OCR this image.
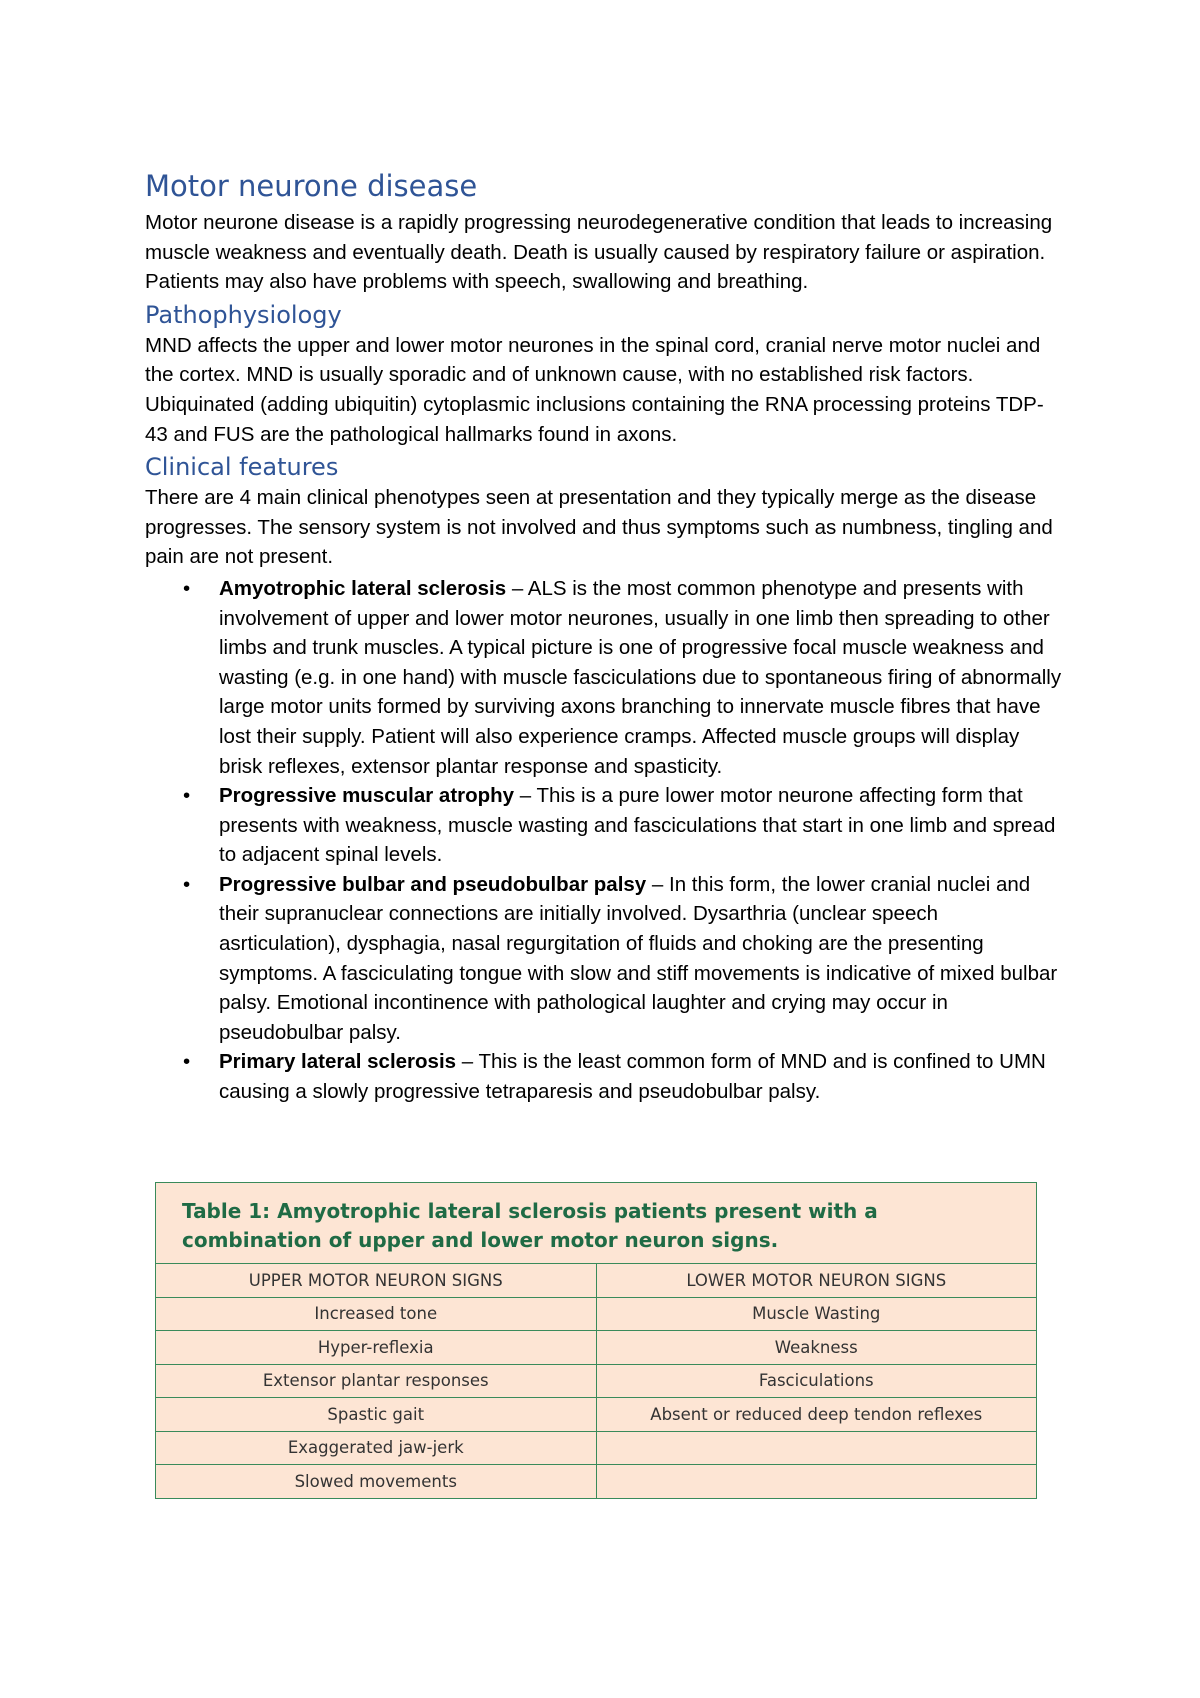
Motor neurone disease

Motor neurone disease is a rapidly progressing neurodegenerative condition that leads to increasing muscle weakness and eventually death. Death is usually caused by respiratory failure or aspiration. Patients may also have problems with speech, swallowing and breathing.

Pathophysiology

MND affects the upper and lower motor neurones in the spinal cord, cranial nerve motor nuclei and the cortex. MND is usually sporadic and of unknown cause, with no established risk factors. Ubiquinated (adding ubiquitin) cytoplasmic inclusions containing the RNA processing proteins TDP-43 and FUS are the pathological hallmarks found in axons.

Clinical features

There are 4 main clinical phenotypes seen at presentation and they typically merge as the disease progresses. The sensory system is not involved and thus symptoms such as numbness, tingling and pain are not present.

• Amyotrophic lateral sclerosis – ALS is the most common phenotype and presents with involvement of upper and lower motor neurones, usually in one limb then spreading to other limbs and trunk muscles. A typical picture is one of progressive focal muscle weakness and wasting (e.g. in one hand) with muscle fasciculations due to spontaneous firing of abnormally large motor units formed by surviving axons branching to innervate muscle fibres that have lost their supply. Patient will also experience cramps. Affected muscle groups will display brisk reflexes, extensor plantar response and spasticity.
• Progressive muscular atrophy – This is a pure lower motor neurone affecting form that presents with weakness, muscle wasting and fasciculations that start in one limb and spread to adjacent spinal levels.
• Progressive bulbar and pseudobulbar palsy – In this form, the lower cranial nuclei and their supranuclear connections are initially involved. Dysarthria (unclear speech asrticulation), dysphagia, nasal regurgitation of fluids and choking are the presenting symptoms. A fasciculating tongue with slow and stiff movements is indicative of mixed bulbar palsy. Emotional incontinence with pathological laughter and crying may occur in pseudobulbar palsy.
• Primary lateral sclerosis – This is the least common form of MND and is confined to UMN causing a slowly progressive tetraparesis and pseudobulbar palsy.
Table 1: Amyotrophic lateral sclerosis patients present with a combination of upper and lower motor neuron signs.
UPPER MOTOR NEURON SIGNS	LOWER MOTOR NEURON SIGNS
Increased tone	Muscle Wasting
Hyper-reflexia	Weakness
Extensor plantar responses	Fasciculations
Spastic gait	Absent or reduced deep tendon reflexes
Exaggerated jaw-jerk	
Slowed movements	
